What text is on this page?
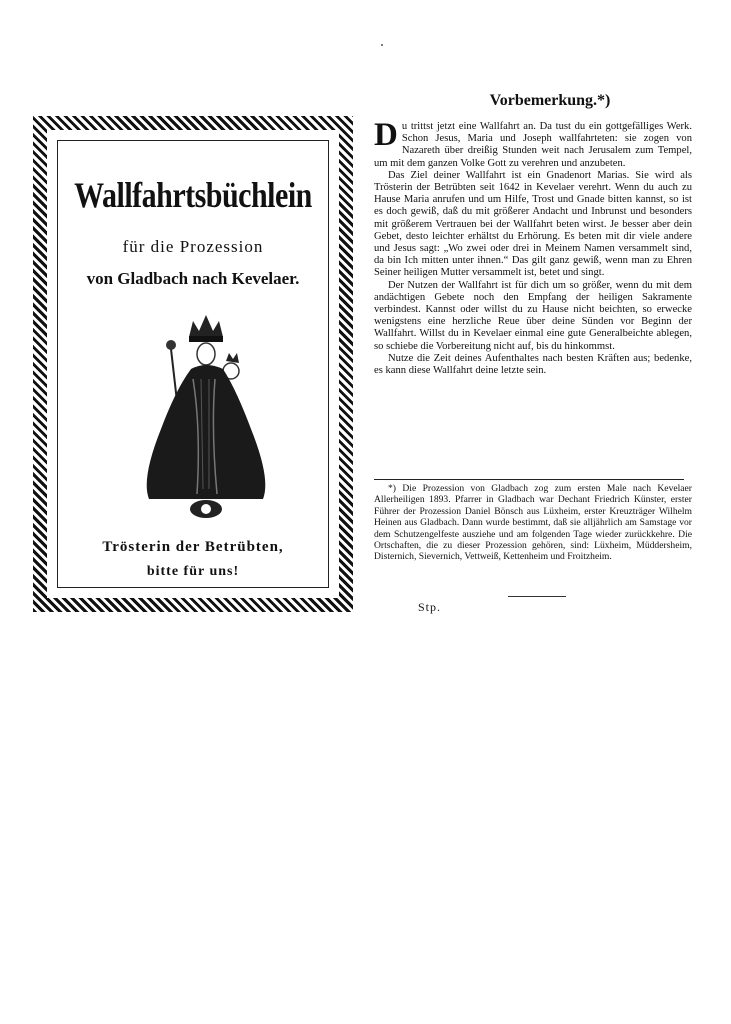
Wallfahrtsbüchlein
für die Prozession
von Gladbach nach Kevelaer.
Trösterin der Betrübten,
bitte für uns!
Vorbemerkung.*)

Du trittst jetzt eine Wallfahrt an. Da tust du ein gottgefälliges Werk. Schon Jesus, Maria und Joseph wallfahrteten: sie zogen von Nazareth über dreißig Stunden weit nach Jerusalem zum Tempel, um mit dem ganzen Volke Gott zu verehren und anzubeten.

Das Ziel deiner Wallfahrt ist ein Gnadenort Marias. Sie wird als Trösterin der Betrübten seit 1642 in Kevelaer verehrt. Wenn du auch zu Hause Maria anrufen und um Hilfe, Trost und Gnade bitten kannst, so ist es doch gewiß, daß du mit größerer Andacht und Inbrunst und besonders mit größerem Vertrauen bei der Wallfahrt beten wirst. Je besser aber dein Gebet, desto leichter erhältst du Erhörung. Es beten mit dir viele andere und Jesus sagt: „Wo zwei oder drei in Meinem Namen versammelt sind, da bin Ich mitten unter ihnen.“ Das gilt ganz gewiß, wenn man zu Ehren Seiner heiligen Mutter versammelt ist, betet und singt.

Der Nutzen der Wallfahrt ist für dich um so größer, wenn du mit dem andächtigen Gebete noch den Empfang der heiligen Sakramente verbindest. Kannst oder willst du zu Hause nicht beichten, so erwecke wenigstens eine herzliche Reue über deine Sünden vor Beginn der Wallfahrt. Willst du in Kevelaer einmal eine gute Generalbeichte ablegen, so schiebe die Vorbereitung nicht auf, bis du hinkommst.

Nutze die Zeit deines Aufenthaltes nach besten Kräften aus; bedenke, es kann diese Wallfahrt deine letzte sein.

*) Die Prozession von Gladbach zog zum ersten Male nach Kevelaer Allerheiligen 1893. Pfarrer in Gladbach war Dechant Friedrich Künster, erster Führer der Prozession Daniel Bönsch aus Lüxheim, erster Kreuzträger Wilhelm Heinen aus Gladbach. Dann wurde bestimmt, daß sie alljährlich am Samstage vor dem Schutzengelfeste ausziehe und am folgenden Tage wieder zurückkehre. Die Ortschaften, die zu dieser Prozession gehören, sind: Lüxheim, Müddersheim, Disternich, Sievernich, Vettweiß, Kettenheim und Froitzheim.

Stp.
